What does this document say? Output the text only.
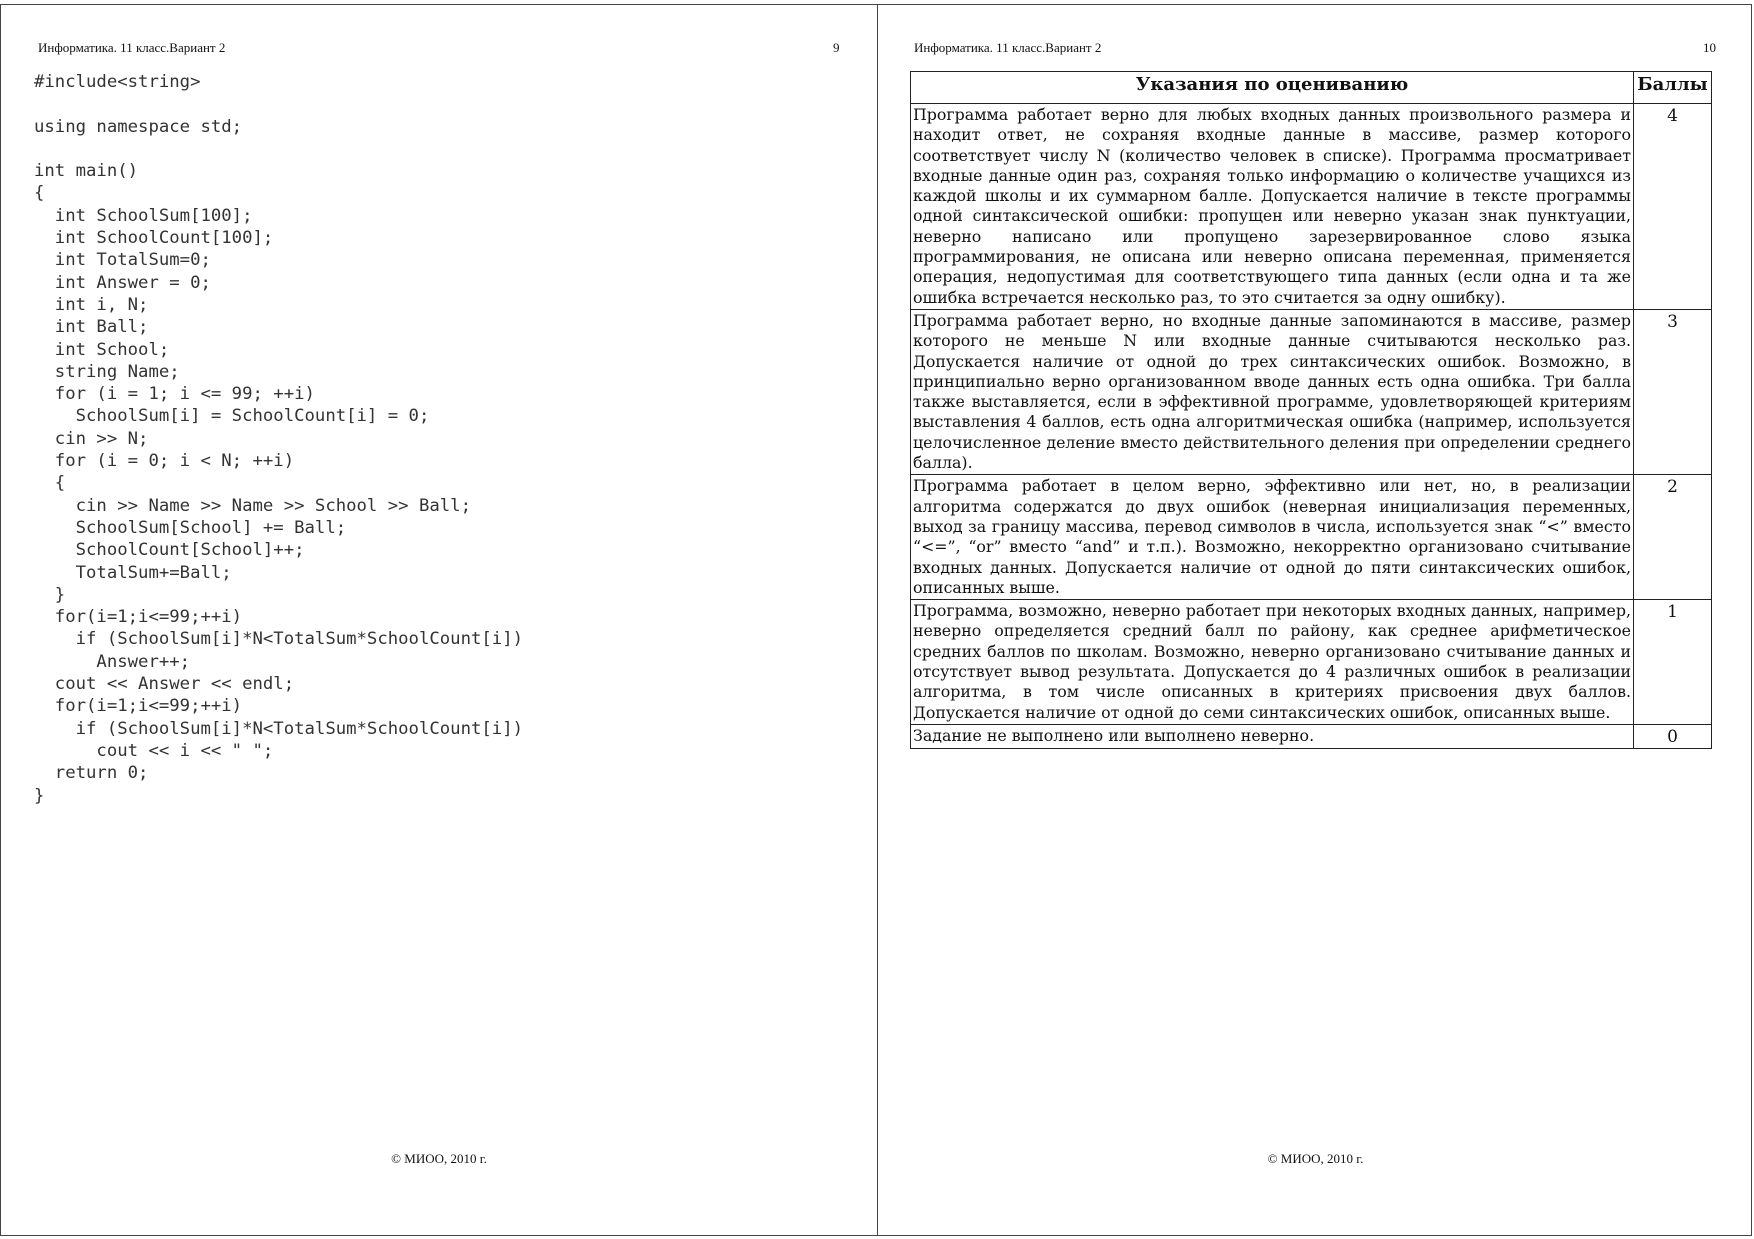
Информатика. 11 класс.Вариант 2	9
#include<string>

using namespace std;

int main()
{
int SchoolSum[100];
int SchoolCount[100];
int TotalSum=0;
int Answer = 0;
int i, N;
int Ball;
int School;
string Name;
for (i = 1; i <= 99; ++i)
SchoolSum[i] = SchoolCount[i] = 0;
cin >> N;
for (i = 0; i < N; ++i)
{
cin >> Name >> Name >> School >> Ball;
SchoolSum[School] += Ball;
SchoolCount[School]++;
TotalSum+=Ball;
}
for(i=1;i<=99;++i)
if (SchoolSum[i]*N<TotalSum*SchoolCount[i])
Answer++;
cout << Answer << endl;
for(i=1;i<=99;++i)
if (SchoolSum[i]*N<TotalSum*SchoolCount[i])
cout << i << " ";
return 0;
}

© МИОО, 2010 г.
Информатика. 11 класс.Вариант 2	10
Указания по оцениванию	Баллы
Программа работает верно для любых входных данных произвольного размера и находит ответ, не сохраняя входные данные в массиве, размер которого соответствует числу N (количество человек в списке). Программа просматривает входные данные один раз, сохраняя только информацию о количестве учащихся из каждой школы и их суммарном балле. Допускается наличие в тексте программы одной синтаксической ошибки: пропущен или неверно указан знак пунктуации, неверно написано или пропущено зарезервированное слово языка программирования, не описана или неверно описана переменная, применяется операция, недопустимая для соответствующего типа данных (если одна и та же ошибка встречается несколько раз, то это считается за одну ошибку).	4
Программа работает верно, но входные данные запоминаются в массиве, размер которого не меньше N или входные данные считываются несколько раз. Допускается наличие от одной до трех синтаксических ошибок. Возможно, в принципиально верно организованном вводе данных есть одна ошибка. Три балла также выставляется, если в эффективной программе, удовлетворяющей критериям выставления 4 баллов, есть одна алгоритмическая ошибка (например, используется целочисленное деление вместо действительного деления при определении среднего балла).	3
Программа работает в целом верно, эффективно или нет, но, в реализации алгоритма содержатся до двух ошибок (неверная инициализация переменных, выход за границу массива, перевод символов в числа, используется знак “<” вместо “<=”, “or” вместо “and” и т.п.). Возможно, некорректно организовано считывание входных данных. Допускается наличие от одной до пяти синтаксических ошибок, описанных выше.	2
Программа, возможно, неверно работает при некоторых входных данных, например, неверно определяется средний балл по району, как среднее арифметическое средних баллов по школам. Возможно, неверно организовано считывание данных и отсутствует вывод результата. Допускается до 4 различных ошибок в реализации алгоритма, в том числе описанных в критериях присвоения двух баллов. Допускается наличие от одной до семи синтаксических ошибок, описанных выше.	1
Задание не выполнено или выполнено неверно.	0
© МИОО, 2010 г.
